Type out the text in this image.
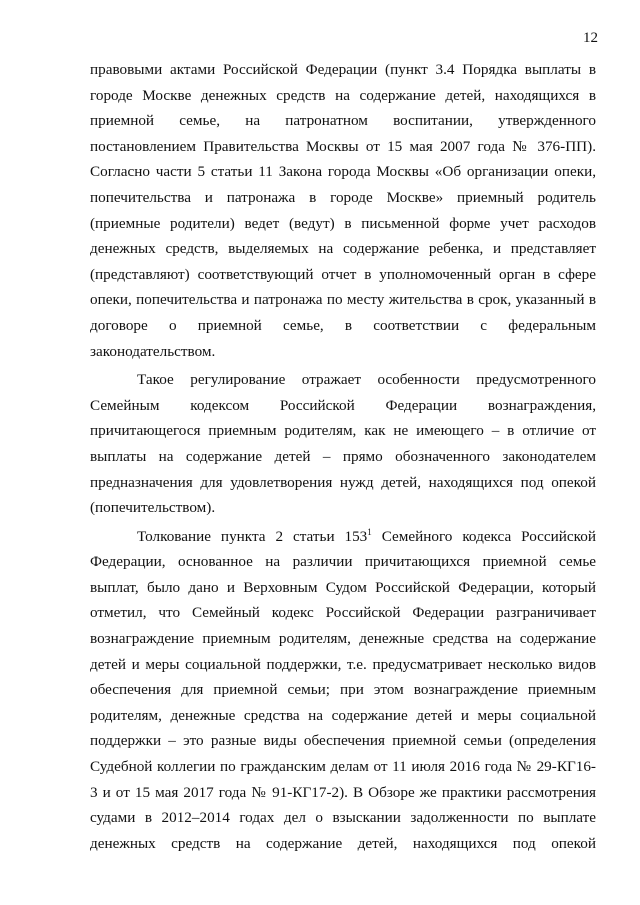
12
правовыми актами Российской Федерации (пункт 3.4 Порядка выплаты в
городе Москве денежных средств на содержание детей, находящихся в
приемной семье, на патронатном воспитании, утвержденного
постановлением Правительства Москвы от 15 мая 2007 года № 376-ПП).
Согласно части 5 статьи 11 Закона города Москвы «Об организации опеки,
попечительства и патронажа в городе Москве» приемный родитель
(приемные родители) ведет (ведут) в письменной форме учет расходов
денежных средств, выделяемых на содержание ребенка, и представляет
(представляют) соответствующий отчет в уполномоченный орган в сфере
опеки, попечительства и патронажа по месту жительства в срок, указанный в
договоре о приемной семье, в соответствии с федеральным
законодательством.
Такое регулирование отражает особенности предусмотренного
Семейным кодексом Российской Федерации вознаграждения,
причитающегося приемным родителям, как не имеющего – в отличие от
выплаты на содержание детей – прямо обозначенного законодателем
предназначения для удовлетворения нужд детей, находящихся под опекой
(попечительством).
Толкование пункта 2 статьи $153^1$ Семейного кодекса Российской
Федерации, основанное на различии причитающихся приемной семье
выплат, было дано и Верховным Судом Российской Федерации, который
отметил, что Семейный кодекс Российской Федерации разграничивает
вознаграждение приемным родителям, денежные средства на содержание
детей и меры социальной поддержки, т.е. предусматривает несколько видов
обеспечения для приемной семьи; при этом вознаграждение приемным
родителям, денежные средства на содержание детей и меры социальной
поддержки – это разные виды обеспечения приемной семьи (определения
Судебной коллегии по гражданским делам от 11 июля 2016 года № 29-КГ16-
3 и от 15 мая 2017 года № 91-КГ17-2). В Обзоре же практики рассмотрения
судами в 2012–2014 годах дел о взыскании задолженности по выплате
денежных средств на содержание детей, находящихся под опекой
